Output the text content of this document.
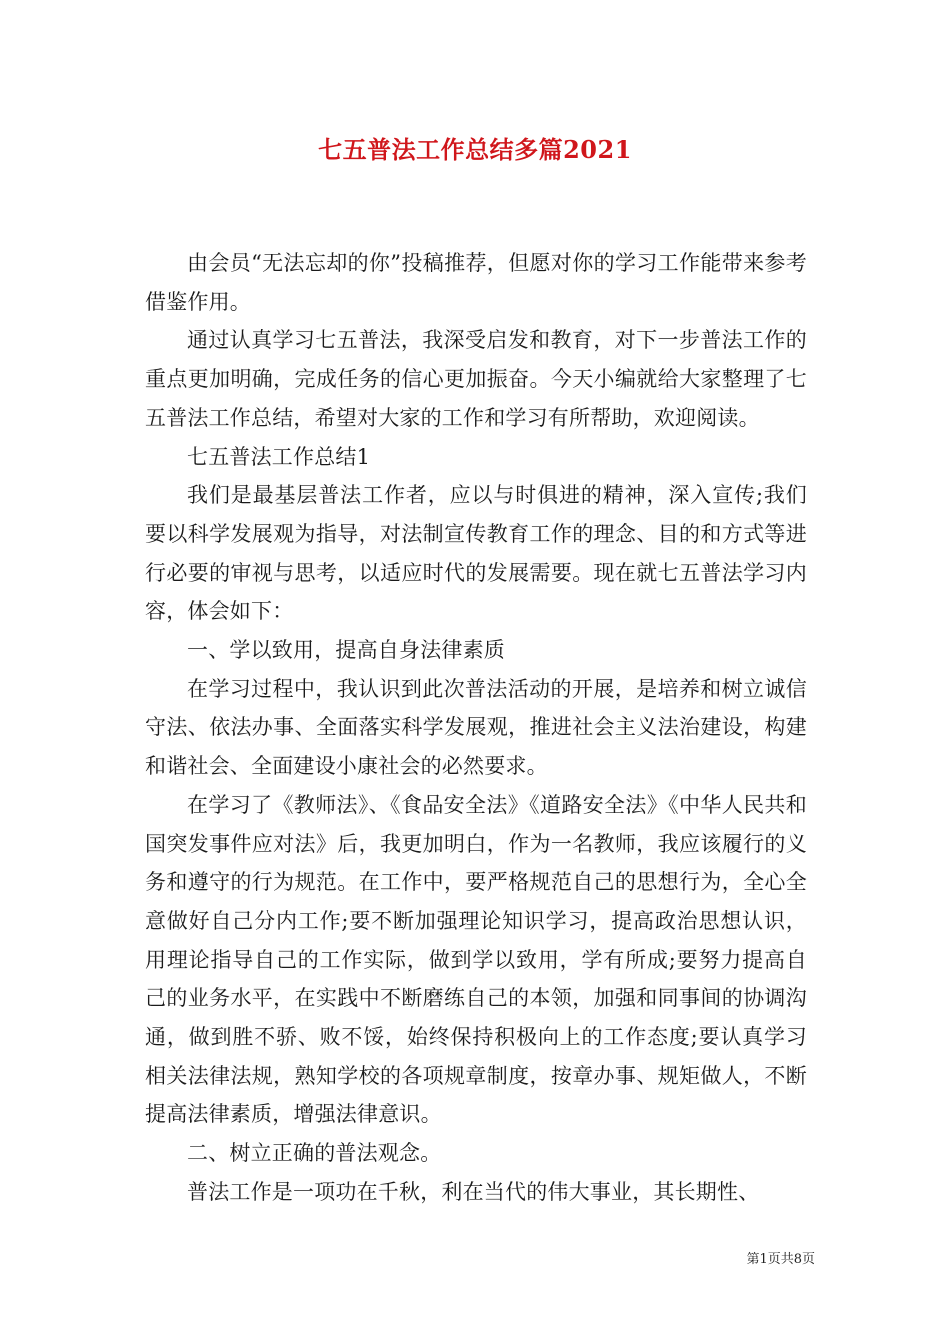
七五普法工作总结多篇2021

由会员“无法忘却的你”投稿推荐，但愿对你的学习工作能带来参考借鉴作用。

通过认真学习七五普法，我深受启发和教育，对下一步普法工作的重点更加明确，完成任务的信心更加振奋。今天小编就给大家整理了七五普法工作总结，希望对大家的工作和学习有所帮助，欢迎阅读。

七五普法工作总结1

我们是最基层普法工作者，应以与时俱进的精神，深入宣传;我们要以科学发展观为指导，对法制宣传教育工作的理念、目的和方式等进行必要的审视与思考，以适应时代的发展需要。现在就七五普法学习内容，体会如下：

一、学以致用，提高自身法律素质

在学习过程中，我认识到此次普法活动的开展，是培养和树立诚信守法、依法办事、全面落实科学发展观，推进社会主义法治建设，构建和谐社会、全面建设小康社会的必然要求。

在学习了《教师法》、《食品安全法》《道路安全法》《中华人民共和国突发事件应对法》后，我更加明白，作为一名教师，我应该履行的义务和遵守的行为规范。在工作中，要严格规范自己的思想行为，全心全意做好自己分内工作;要不断加强理论知识学习，提高政治思想认识，用理论指导自己的工作实际，做到学以致用，学有所成;要努力提高自己的业务水平，在实践中不断磨练自己的本领，加强和同事间的协调沟通，做到胜不骄、败不馁，始终保持积极向上的工作态度;要认真学习相关法律法规，熟知学校的各项规章制度，按章办事、规矩做人，不断提高法律素质，增强法律意识。

二、树立正确的普法观念。

普法工作是一项功在千秋，利在当代的伟大事业，其长期性、

第1页共8页
